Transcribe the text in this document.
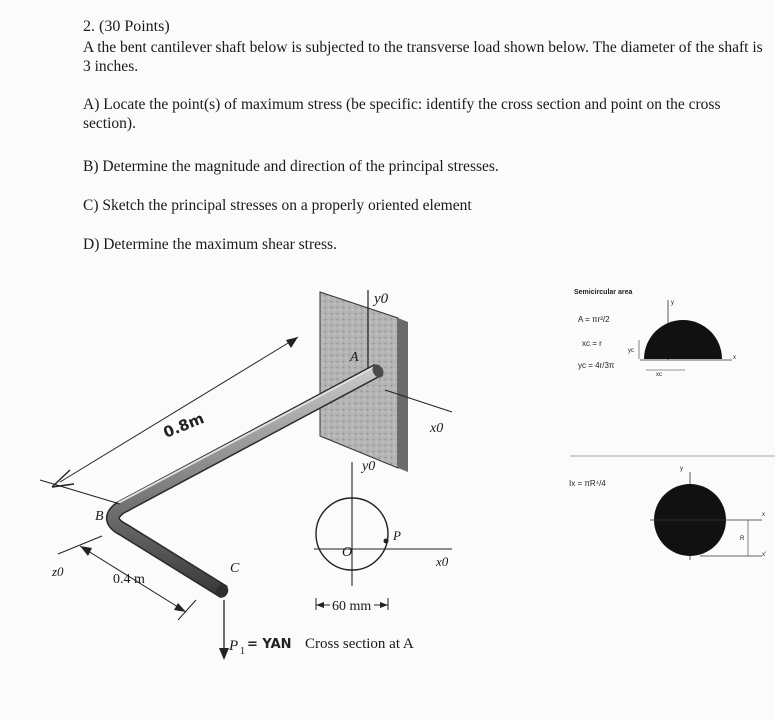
2. (30 Points)
A the bent cantilever shaft below is subjected to the transverse load shown below. The diameter of the shaft is 3 inches.
A) Locate the point(s) of maximum stress (be specific: identify the cross section and point on the cross section).
B) Determine the magnitude and direction of the principal stresses.
C) Sketch the principal stresses on a properly oriented element
D) Determine the maximum shear stress.
y0
x0
A
0.8m
B
z0
0.4 m
C
P 1 = YAN
y0
x0
O
P
60 mm
Cross section at A
Semicircular area
A = πr²/2
xc = r
yc = 4r/3π
y
x
yc
xc
Ix = πR⁴/4
y
x
x'
R
